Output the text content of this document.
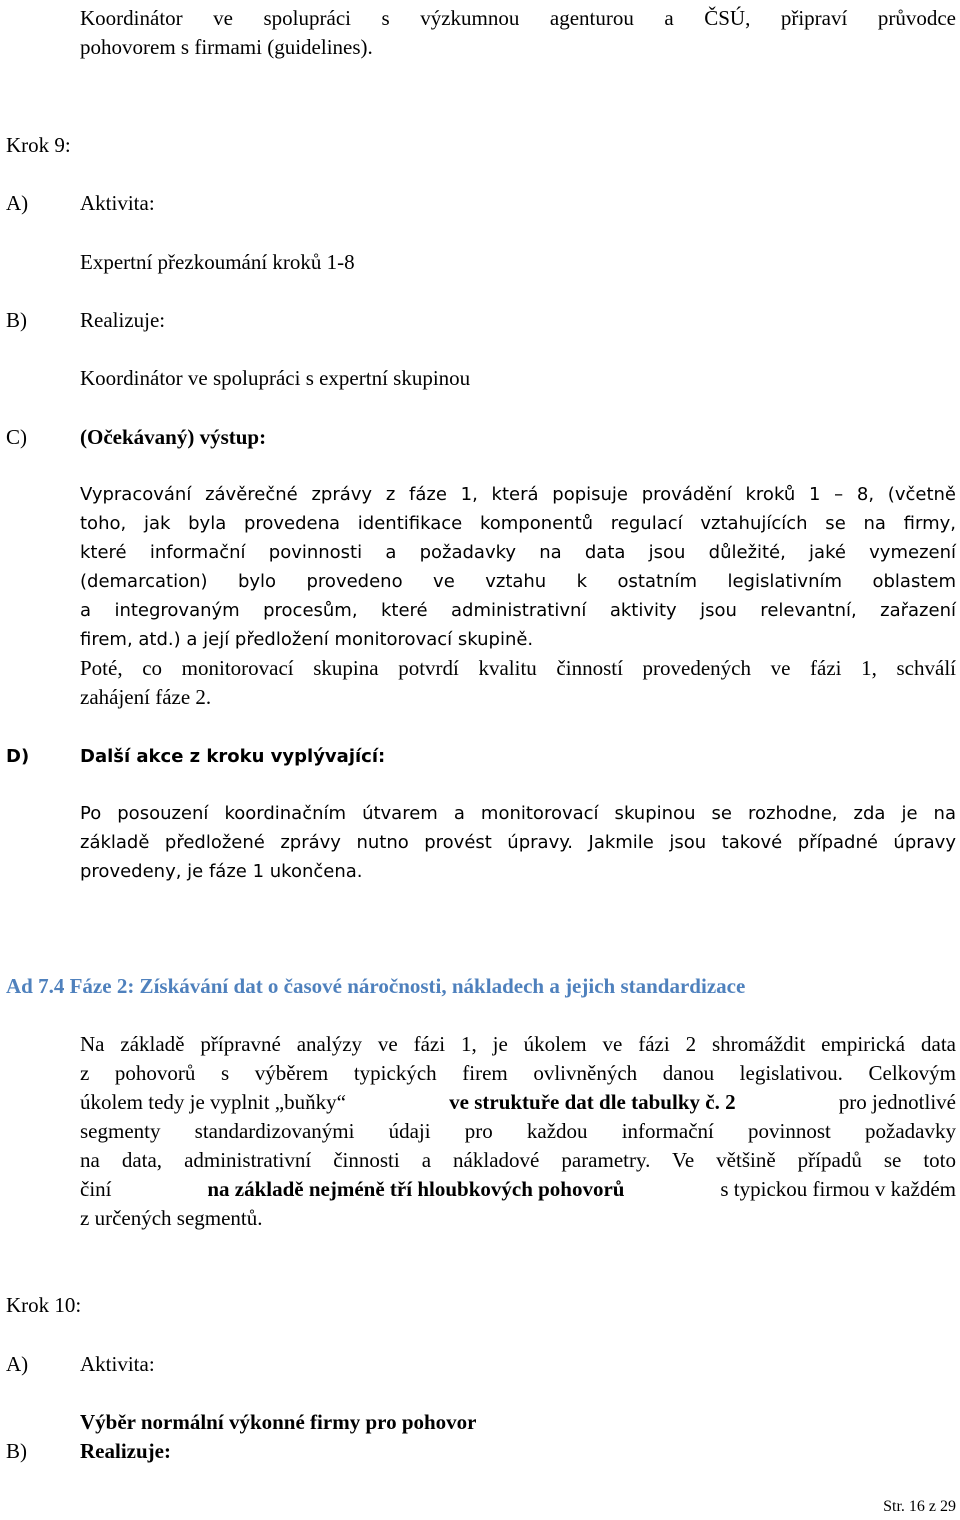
Koordinátor ve spolupráci s výzkumnou agenturou a ČSÚ, připraví průvodce
pohovorem s firmami (guidelines).
Krok 9:
A) Aktivita:
Expertní přezkoumání kroků 1-8
B)	Realizuje:
Koordinátor ve spolupráci s expertní skupinou
C)	(Očekávaný) výstup:
Vypracování závěrečné zprávy z fáze 1, která popisuje provádění kroků 1 – 8, (včetně
toho, jak byla provedena identifikace komponentů regulací vztahujících se na firmy,
které informační povinnosti a požadavky na data jsou důležité, jaké vymezení
(demarcation) bylo provedeno ve vztahu k ostatním legislativním oblastem
a integrovaným procesům, které administrativní aktivity jsou relevantní, zařazení
firem, atd.) a její předložení monitorovací skupině.
Poté, co monitorovací skupina potvrdí kvalitu činností provedených ve fázi 1, schválí
zahájení fáze 2.
D)	Další akce z kroku vyplývající:
Po posouzení koordinačním útvarem a monitorovací skupinou se rozhodne, zda je na
základě předložené zprávy nutno provést úpravy. Jakmile jsou takové případné úpravy
provedeny, je fáze 1 ukončena.
Ad 7.4 Fáze 2: Získávání dat o časové náročnosti, nákladech a jejich standardizace
Na základě přípravné analýzy ve fázi 1, je úkolem ve fázi 2 shromáždit empirická data
z pohovorů s výběrem typických firem ovlivněných danou legislativou. Celkovým
úkolem tedy je vyplnit „buňky“	ve struktuře dat dle tabulky č. 2	pro jednotlivé
segmenty standardizovanými údaji pro každou informační povinnost požadavky
na data, administrativní činnosti a nákladové parametry. Ve většině případů se toto
činí	na základě nejméně tří hloubkových pohovorů	s typickou firmou v každém
z určených segmentů.
Krok 10:
A) Aktivita:
Výběr normální výkonné firmy pro pohovor
B)	Realizuje:
Str. 16 z 29
